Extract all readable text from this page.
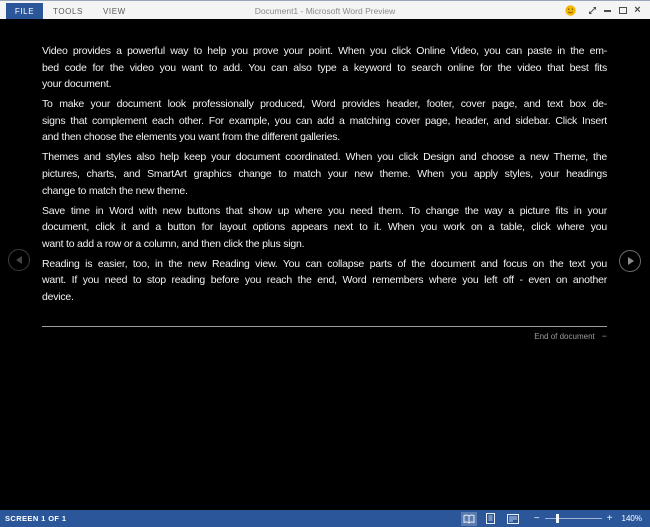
Document1 - Microsoft Word Preview
FILE	TOOLS	VIEW	×
Video provides a powerful way to help you prove your point. When you click Online Video, you can paste in the em-
bed code for the video you want to add. You can also type a keyword to search online for the video that best fits
your document.
To make your document look professionally produced, Word provides header, footer, cover page, and text box de-
signs that complement each other. For example, you can add a matching cover page, header, and sidebar. Click Insert
and then choose the elements you want from the different galleries.
Themes and styles also help keep your document coordinated. When you click Design and choose a new Theme, the
pictures, charts, and SmartArt graphics change to match your new theme. When you apply styles, your headings
change to match the new theme.
Save time in Word with new buttons that show up where you need them. To change the way a picture fits in your
document, click it and a button for layout options appears next to it. When you work on a table, click where you
want to add a row or a column, and then click the plus sign.
Reading is easier, too, in the new Reading view. You can collapse parts of the document and focus on the text you
want. If you need to stop reading before you reach the end, Word remembers where you left off - even on another
device.
End of document −
SCREEN 1 OF 1	−	+ 140%
